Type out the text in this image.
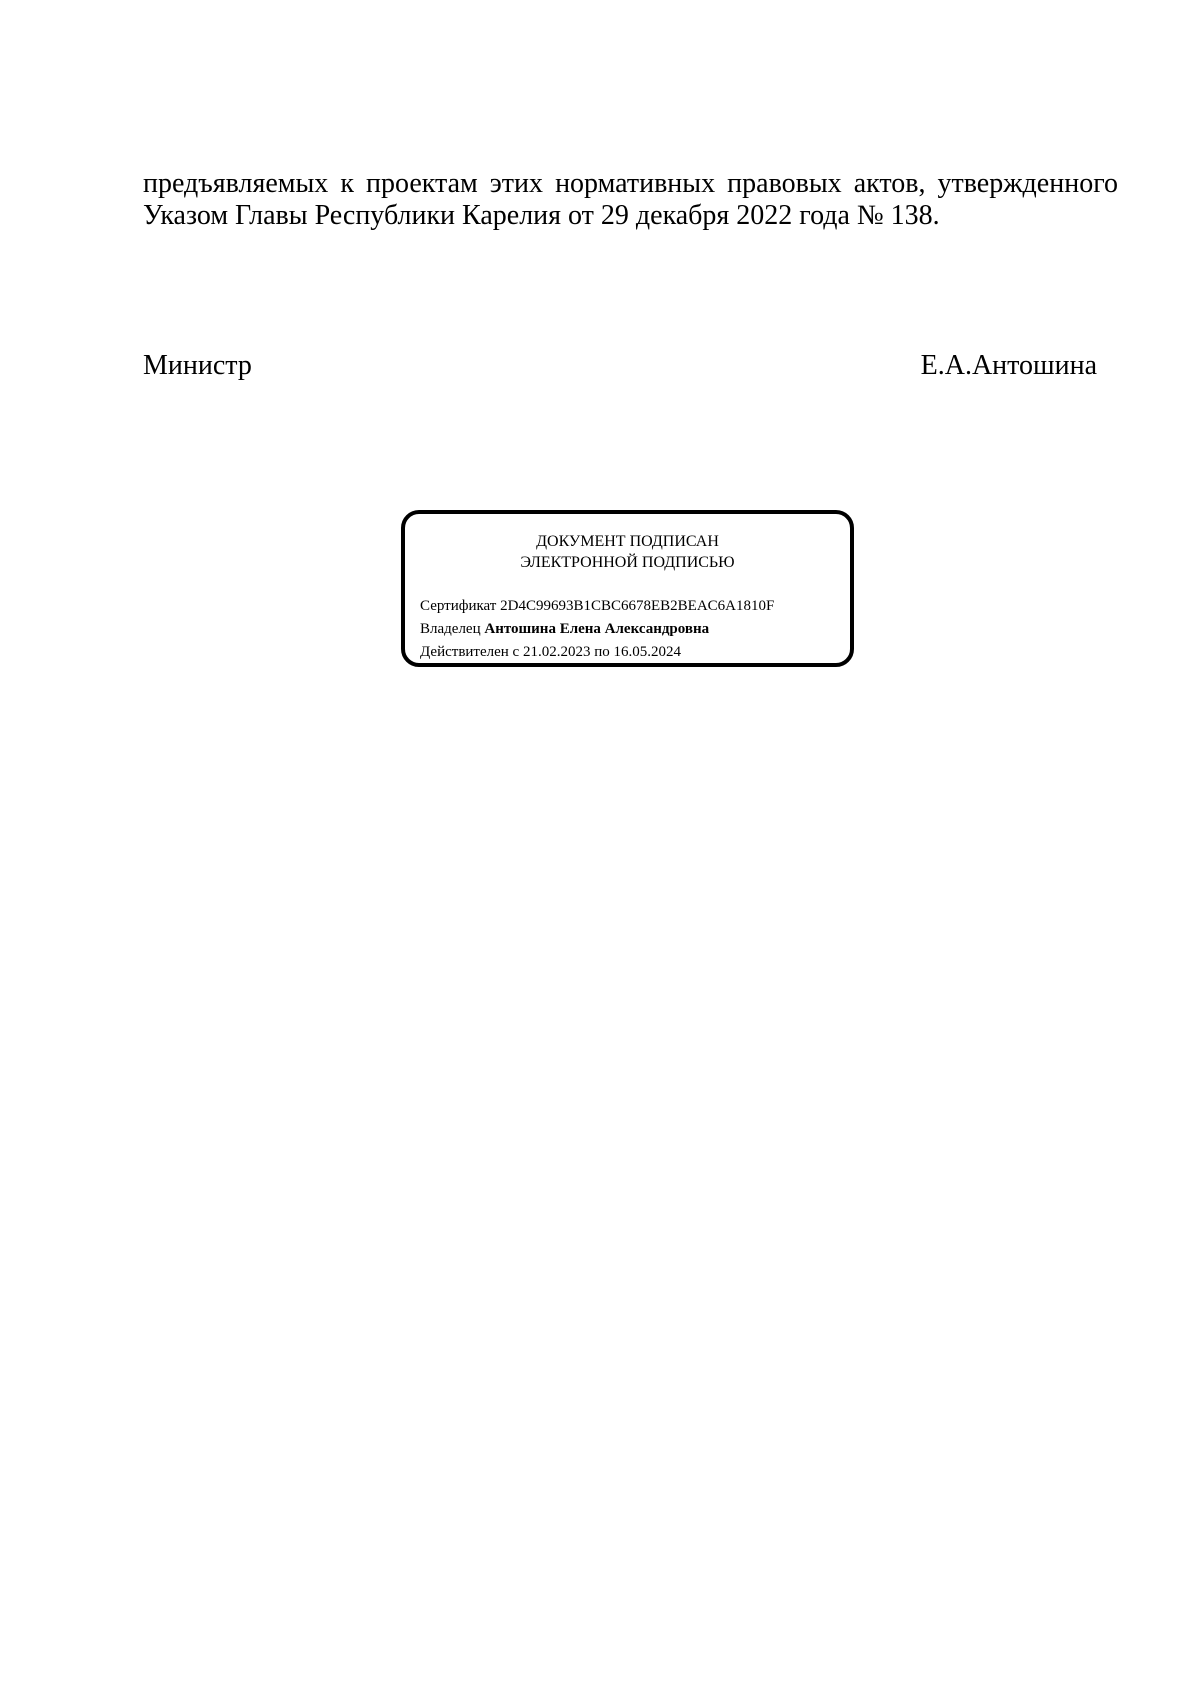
предъявляемых к проектам этих нормативных правовых актов, утвержденного
Указом Главы Республики Карелия от 29 декабря 2022 года № 138.
Министр	Е.А.Антошина
ДОКУМЕНТ ПОДПИСАН
ЭЛЕКТРОННОЙ ПОДПИСЬЮ
Сертификат 2D4C99693B1CBC6678EB2BEAC6A1810F
Владелец Антошина Елена Александровна
Действителен с 21.02.2023 по 16.05.2024
